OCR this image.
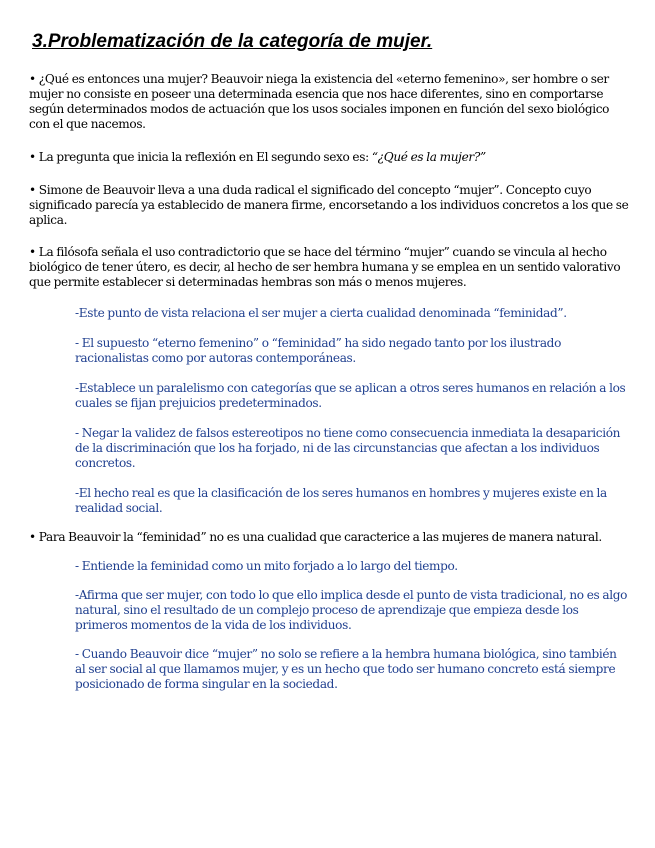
3.Problematización de la categoría de mujer.

• ¿Qué es entonces una mujer? Beauvoir niega la existencia del «eterno femenino», ser hombre o ser mujer no consiste en poseer una determinada esencia que nos hace diferentes, sino en comportarse según determinados modos de actuación que los usos sociales imponen en función del sexo biológico con el que nacemos.

• La pregunta que inicia la reflexión en El segundo sexo es: “¿Qué es la mujer?”

• Simone de Beauvoir lleva a una duda radical el significado del concepto “mujer”. Concepto cuyo significado parecía ya establecido de manera firme, encorsetando a los individuos concretos a los que se aplica.

• La filósofa señala el uso contradictorio que se hace del término “mujer” cuando se vincula al hecho biológico de tener útero, es decir, al hecho de ser hembra humana y se emplea en un sentido valorativo que permite establecer si determinadas hembras son más o menos mujeres.

-Este punto de vista relaciona el ser mujer a cierta cualidad denominada “feminidad”.

- El supuesto “eterno femenino” o “feminidad” ha sido negado tanto por los ilustrado racionalistas como por autoras contemporáneas.

-Establece un paralelismo con categorías que se aplican a otros seres humanos en relación a los cuales se fijan prejuicios predeterminados.

- Negar la validez de falsos estereotipos no tiene como consecuencia inmediata la desaparición de la discriminación que los ha forjado, ni de las circunstancias que afectan a los individuos concretos.

-El hecho real es que la clasificación de los seres humanos en hombres y mujeres existe en la realidad social.

• Para Beauvoir la “feminidad” no es una cualidad que caracterice a las mujeres de manera natural.

- Entiende la feminidad como un mito forjado a lo largo del tiempo.

-Afirma que ser mujer, con todo lo que ello implica desde el punto de vista tradicional, no es algo natural, sino el resultado de un complejo proceso de aprendizaje que empieza desde los primeros momentos de la vida de los individuos.

- Cuando Beauvoir dice “mujer” no solo se refiere a la hembra humana biológica, sino también al ser social al que llamamos mujer, y es un hecho que todo ser humano concreto está siempre posicionado de forma singular en la sociedad.
